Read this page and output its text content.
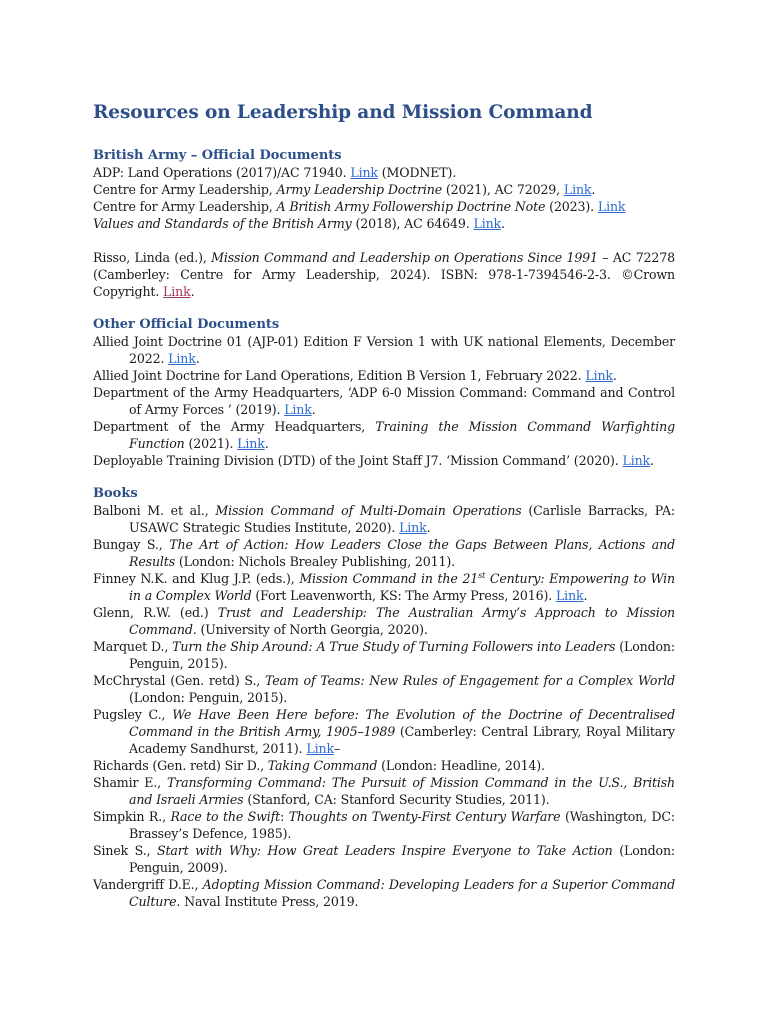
Resources on Leadership and Mission Command
British Army – Official Documents

ADP: Land Operations (2017)/AC 71940. Link (MODNET).

Centre for Army Leadership, Army Leadership Doctrine (2021), AC 72029, Link.

Centre for Army Leadership, A British Army Followership Doctrine Note (2023). Link

Values and Standards of the British Army (2018), AC 64649. Link.

Risso, Linda (ed.), Mission Command and Leadership on Operations Since 1991 – AC 72278 (Camberley: Centre for Army Leadership, 2024). ISBN: 978-1-7394546-2-3. ©Crown Copyright. Link.

Other Official Documents

Allied Joint Doctrine 01 (AJP-01) Edition F Version 1 with UK national Elements, December 2022. Link.

Allied Joint Doctrine for Land Operations, Edition B Version 1, February 2022. Link.

Department of the Army Headquarters, ‘ADP 6-0 Mission Command: Command and Control of Army Forces ’ (2019). Link.

Department of the Army Headquarters, Training the Mission Command Warfighting Function (2021). Link.

Deployable Training Division (DTD) of the Joint Staff J7. ‘Mission Command’ (2020). Link.

Books

Balboni M. et al., Mission Command of Multi-Domain Operations (Carlisle Barracks, PA: USAWC Strategic Studies Institute, 2020). Link.

Bungay S., The Art of Action: How Leaders Close the Gaps Between Plans, Actions and Results (London: Nichols Brealey Publishing, 2011).

Finney N.K. and Klug J.P. (eds.), Mission Command in the 21st Century: Empowering to Win in a Complex World (Fort Leavenworth, KS: The Army Press, 2016). Link.

Glenn, R.W. (ed.) Trust and Leadership: The Australian Army’s Approach to Mission Command. (University of North Georgia, 2020).

Marquet D., Turn the Ship Around: A True Study of Turning Followers into Leaders (London: Penguin, 2015).

McChrystal (Gen. retd) S., Team of Teams: New Rules of Engagement for a Complex World (London: Penguin, 2015).

Pugsley C., We Have Been Here before: The Evolution of the Doctrine of Decentralised Command in the British Army, 1905–1989 (Camberley: Central Library, Royal Military Academy Sandhurst, 2011). Link–

Richards (Gen. retd) Sir D., Taking Command (London: Headline, 2014).

Shamir E., Transforming Command: The Pursuit of Mission Command in the U.S., British and Israeli Armies (Stanford, CA: Stanford Security Studies, 2011).

Simpkin R., Race to the Swift: Thoughts on Twenty-First Century Warfare (Washington, DC: Brassey’s Defence, 1985).

Sinek S., Start with Why: How Great Leaders Inspire Everyone to Take Action (London: Penguin, 2009).

Vandergriff D.E., Adopting Mission Command: Developing Leaders for a Superior Command Culture. Naval Institute Press, 2019.
